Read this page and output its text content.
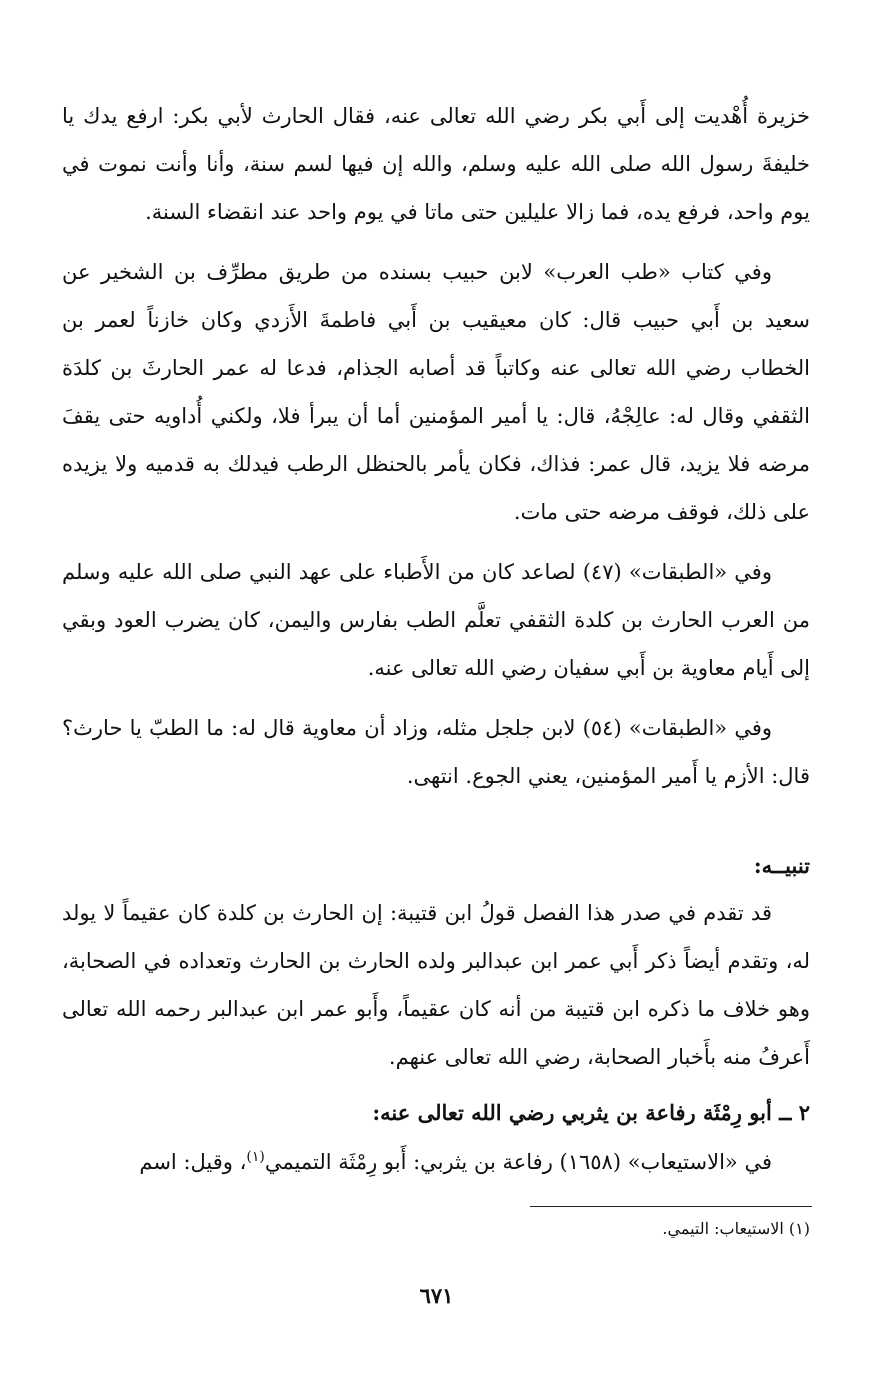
خزيرة أُهْديت إلى أَبي بكر رضي الله تعالى عنه، فقال الحارث لأبي بكر: ارفع يدك يا خليفةَ رسول الله صلى الله عليه وسلم، والله إن فيها لسم سنة، وأنا وأنت نموت في يوم واحد، فرفع يده، فما زالا عليلين حتى ماتا في يوم واحد عند انقضاء السنة.

وفي كتاب «طب العرب» لابن حبيب بسنده من طريق مطرِّف بن الشخير عن سعيد بن أَبي حبيب قال: كان معيقيب بن أَبي فاطمةَ الأَزدي وكان خازناً لعمر بن الخطاب رضي الله تعالى عنه وكاتباً قد أصابه الجذام، فدعا له عمر الحارثَ بن كلدَة الثقفي وقال له: عالِجْهُ، قال: يا أمير المؤمنين أما أن يبرأ فلا، ولكني أُداويه حتى يقفَ مرضه فلا يزيد، قال عمر: فذاك، فكان يأمر بالحنظل الرطب فيدلك به قدميه ولا يزيده على ذلك، فوقف مرضه حتى مات.

وفي «الطبقات» (٤٧) لصاعد كان من الأَطباء على عهد النبي صلى الله عليه وسلم من العرب الحارث بن كلدة الثقفي تعلَّم الطب بفارس واليمن، كان يضرب العود وبقي إلى أَيام معاوية بن أَبي سفيان رضي الله تعالى عنه.

وفي «الطبقات» (٥٤) لابن جلجل مثله، وزاد أن معاوية قال له: ما الطبّ يا حارث؟ قال: الأزم يا أَمير المؤمنين، يعني الجوع. انتهى.

تنبيــه:

قد تقدم في صدر هذا الفصل قولُ ابن قتيبة: إن الحارث بن كلدة كان عقيماً لا يولد له، وتقدم أيضاً ذكر أَبي عمر ابن عبدالبر ولده الحارث بن الحارث وتعداده في الصحابة، وهو خلاف ما ذكره ابن قتيبة من أنه كان عقيماً، وأَبو عمر ابن عبدالبر رحمه الله تعالى أَعرفُ منه بأَخبار الصحابة، رضي الله تعالى عنهم.

٢ ــ أبو رِمْثَة رفاعة بن يثربي رضي الله تعالى عنه:

في «الاستيعاب» (١٦٥٨) رفاعة بن يثربي: أَبو رِمْثَة التميمي$^{(١)}$، وقيل: اسم

(١) الاستيعاب: التيمي.
٦٧١
